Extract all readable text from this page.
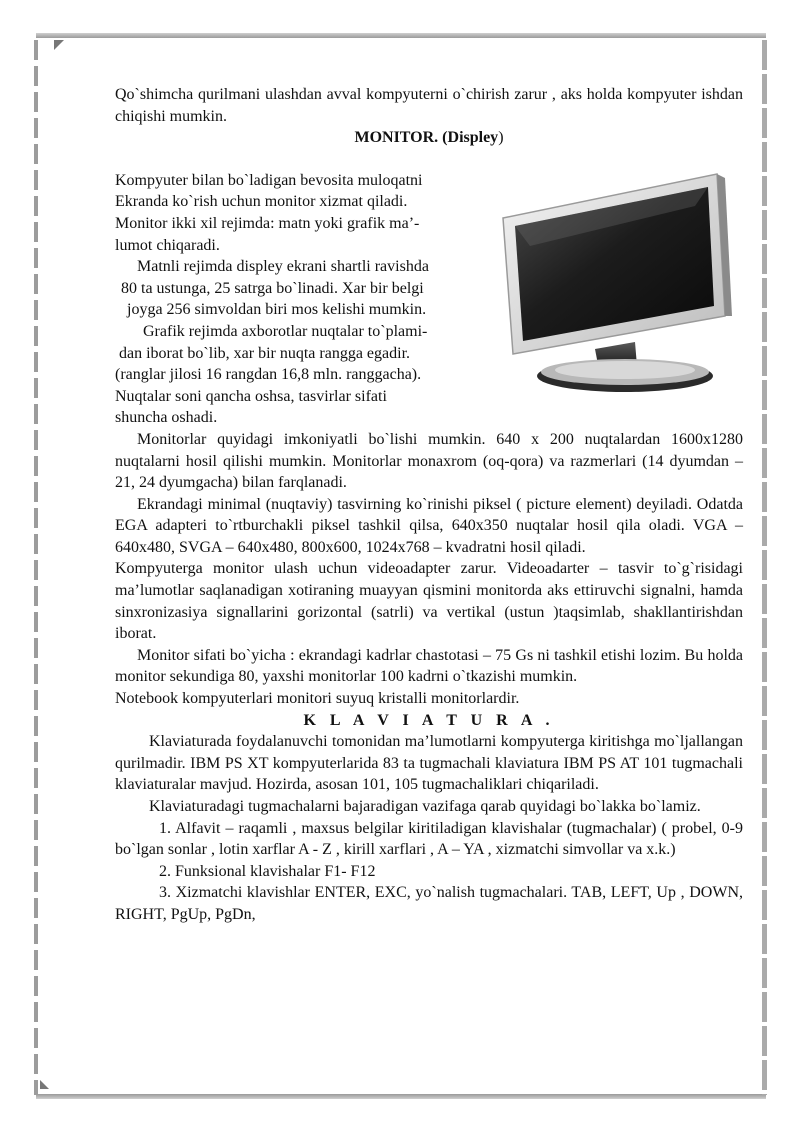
Qo`shimcha qurilmani ulashdan avval kompyuterni o`chirish zarur , aks holda kompyuter ishdan chiqishi mumkin.

MONITOR. (Displey)

Kompyuter bilan bo`ladigan bevosita muloqatni

Ekranda ko`rish uchun monitor xizmat qiladi.

Monitor ikki xil rejimda: matn yoki grafik ma’-

lumot chiqaradi.

Matnli rejimda displey ekrani shartli ravishda

80 ta ustunga, 25 satrga bo`linadi. Xar bir belgi

joyga 256 simvoldan biri mos kelishi mumkin.

Grafik rejimda axborotlar nuqtalar to`plami-

dan iborat bo`lib, xar bir nuqta rangga egadir.

(ranglar jilosi 16 rangdan 16,8 mln. ranggacha).

Nuqtalar soni qancha oshsa, tasvirlar sifati

shuncha oshadi.

Monitorlar quyidagi imkoniyatli bo`lishi mumkin. 640 x 200 nuqtalardan 1600x1280 nuqtalarni hosil qilishi mumkin. Monitorlar monaxrom (oq-qora) va razmerlari (14 dyumdan – 21, 24 dyumgacha) bilan farqlanadi.

Ekrandagi minimal (nuqtaviy) tasvirning ko`rinishi piksel ( picture element) deyiladi. Odatda EGA adapteri to`rtburchakli piksel tashkil qilsa, 640x350 nuqtalar hosil qila oladi. VGA – 640x480, SVGA – 640x480, 800x600, 1024x768 – kvadratni hosil qiladi.

Kompyuterga monitor ulash uchun videoadapter zarur. Videoadarter – tasvir to`g`risidagi ma’lumotlar saqlanadigan xotiraning muayyan qismini monitorda aks ettiruvchi signalni, hamda sinxronizasiya signallarini gorizontal (satrli) va vertikal (ustun )taqsimlab, shakllantirishdan iborat.

Monitor sifati bo`yicha : ekrandagi kadrlar chastotasi – 75 Gs ni tashkil etishi lozim. Bu holda monitor sekundiga 80, yaxshi monitorlar 100 kadrni o`tkazishi mumkin.

Notebook kompyuterlari monitori suyuq kristalli monitorlardir.

K L A V I A T U R A .

Klaviaturada foydalanuvchi tomonidan ma’lumotlarni kompyuterga kiritishga mo`ljallangan qurilmadir. IBM PS XT kompyuterlarida 83 ta tugmachali klaviatura IBM PS AT 101 tugmachali klaviaturalar mavjud. Hozirda, asosan 101, 105 tugmachaliklari chiqariladi.

Klaviaturadagi tugmachalarni bajaradigan vazifaga qarab quyidagi bo`lakka bo`lamiz.

1. Alfavit – raqamli , maxsus belgilar kiritiladigan klavishalar (tugmachalar) ( probel, 0-9 bo`lgan sonlar , lotin xarflar A - Z , kirill xarflari , A – YA , xizmatchi simvollar va x.k.)

2. Funksional klavishalar F1- F12

3. Xizmatchi klavishlar ENTER, EXC, yo`nalish tugmachalari. TAB, LEFT, Up , DOWN, RIGHT, PgUp, PgDn,
